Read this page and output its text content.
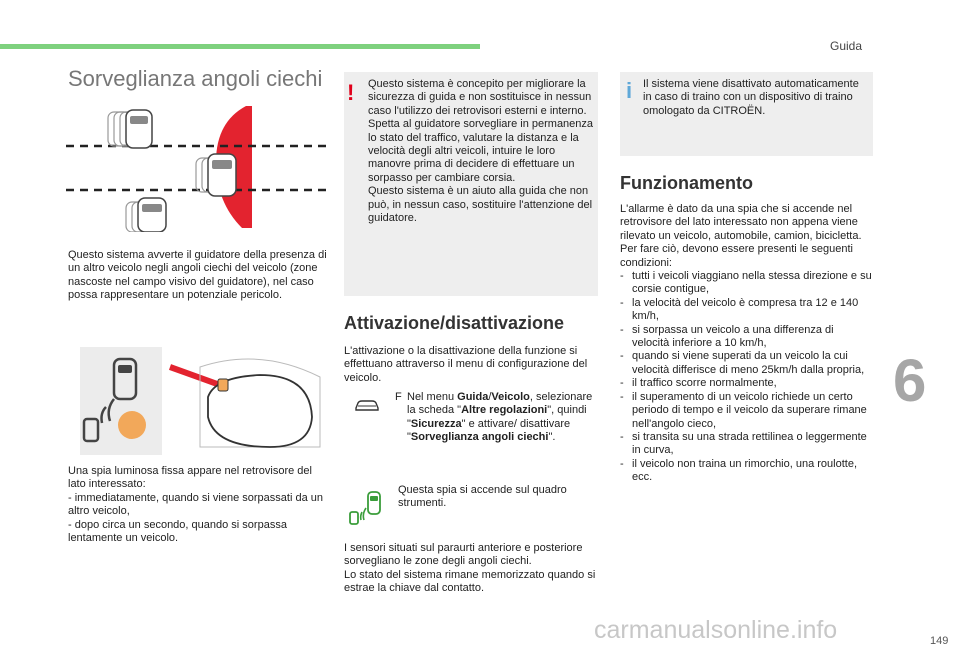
Guida
Sorveglianza angoli ciechi
Questo sistema avverte il guidatore della presenza di un altro veicolo negli angoli ciechi del veicolo (zone nascoste nel campo visivo del guidatore), nel caso possa rappresentare un potenziale pericolo.
Una spia luminosa fissa appare nel retrovisore del lato interessato:
- immediatamente, quando si viene sorpassati da un altro veicolo,
- dopo circa un secondo, quando si sorpassa lentamente un veicolo.
!	Questo sistema è concepito per migliorare la sicurezza di guida e non sostituisce in nessun caso l'utilizzo dei retrovisori esterni e interno. Spetta al guidatore sorvegliare in permanenza lo stato del traffico, valutare la distanza e la velocità degli altri veicoli, intuire le loro manovre prima di decidere di effettuare un sorpasso per cambiare corsia.
Questo sistema è un aiuto alla guida che non può, in nessun caso, sostituire l'attenzione del guidatore.
i Il sistema viene disattivato automaticamente in caso di traino con un dispositivo di traino omologato da CITROËN.
Attivazione/disattivazione
L'attivazione o la disattivazione della funzione si effettuano attraverso il menu di configurazione del veicolo.
F Nel menu Guida/Veicolo, selezionare la scheda "Altre regolazioni", quindi "Sicurezza" e attivare/ disattivare "Sorveglianza angoli ciechi".
Questa spia si accende sul quadro strumenti.
I sensori situati sul paraurti anteriore e posteriore sorvegliano le zone degli angoli ciechi.
Lo stato del sistema rimane memorizzato quando si estrae la chiave dal contatto.
Funzionamento
L'allarme è dato da una spia che si accende nel retrovisore del lato interessato non appena viene rilevato un veicolo, automobile, camion, bicicletta.
Per fare ciò, devono essere presenti le seguenti condizioni:
- tutti i veicoli viaggiano nella stessa direzione e su corsie contigue,
- la velocità del veicolo è compresa tra 12 e 140 km/h,
- si sorpassa un veicolo a una differenza di velocità inferiore a 10 km/h,
- quando si viene superati da un veicolo la cui velocità differisce di meno 25km/h dalla propria,
- il traffico scorre normalmente,
- il superamento di un veicolo richiede un certo periodo di tempo e il veicolo da superare rimane nell'angolo cieco,
- si transita su una strada rettilinea o leggermente in curva,
- il veicolo non traina un rimorchio, una roulotte, ecc.
6
carmanualsonline.info	149
